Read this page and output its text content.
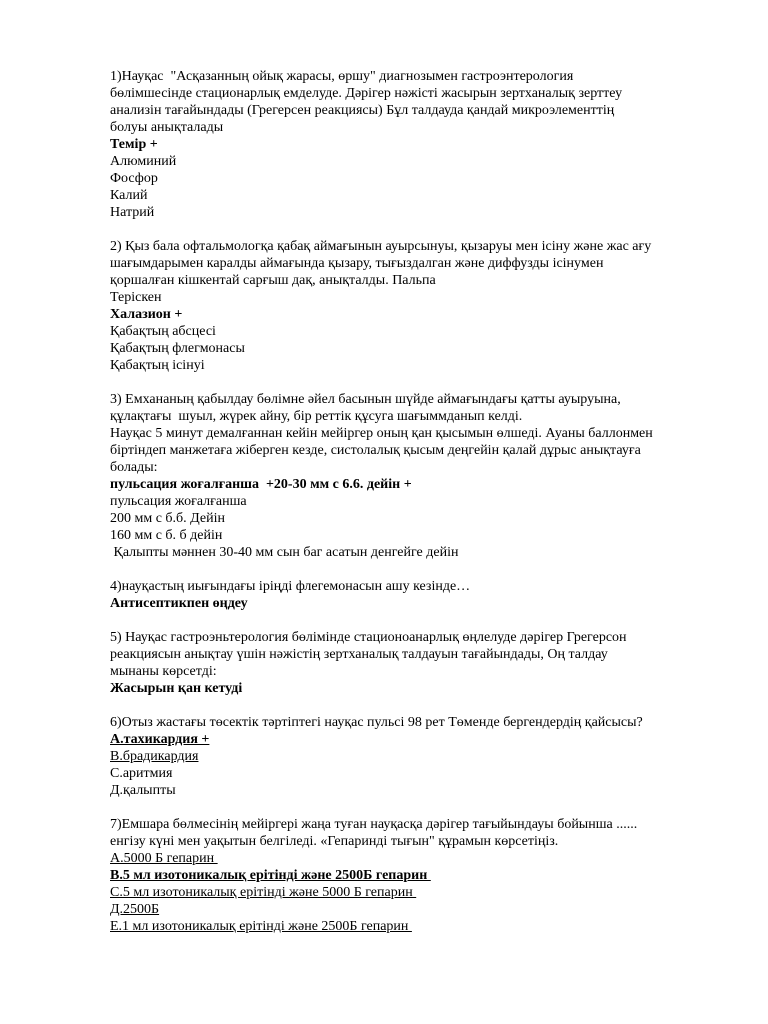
1)Науқас  "Асқазанның ойық жарасы, өршу" диагнозымен гастроэнтерология
бөлімшесінде стационарлық емделуде. Дәрігер нәжісті жасырын зертханалық зерттеу
анализін тағайындады (Грегерсен реакциясы) Бұл талдауда қандай микроэлементтің
болуы анықталады
Темір +
Алюминий
Фосфор
Калий
Натрий
2) Қыз бала офтальмологқа қабақ аймағынын ауырсынуы, қызаруы мен ісіну және жас ағу
шағымдарымен каралды аймағында қызару, тығыздалган және диффузды ісінумен
қоршалған кішкентай сарғыш дақ, анықталды. Пальпа
Теріскен
Халазион +
Қабақтың абсцесі
Қабақтың флегмонасы
Қабақтың ісінуі
3) Емхананың қабылдау бөлімне әйел басынын шүйде аймағындағы қатты ауыруына,
құлақтағы  шуыл, жүрек айну, бір реттік құсуга шағыммданып келді.
Науқас 5 минут демалғаннан кейін мейіргер оның қан қысымын өлшеді. Ауаны баллонмен
біртіндеп манжетаға жіберген кезде, систолалық қысым деңгейін қалай дұрыс анықтауға
болады:
пульсация жоғалғанша  +20-30 мм с 6.6. дейін +
пульсация жоғалғанша
200 мм с б.б. Дейін
160 мм с б. б дейін
Қалыпты мәннен 30-40 мм сын баг асатын денгейге дейін
4)науқастың иығындағы іріңді флегемонасын ашу кезінде…
Антисептикпен өңдеу
5) Науқас гастроэньтерология бөлімінде стационоанарлық өңлелуде дәрігер Грегерсон
реакциясын анықтау үшін нәжістің зертханалық талдауын тағайындады, Оң талдау
мынаны көрсетді:
Жасырын қан кетуді
6)Отыз жастағы төсектік тәртіптегі науқас пульсі 98 рет Төменде бергендердің қайсысы?
А.тахикардия +
В.брадикардия
С.аритмия
Д.қалыпты
7)Емшара бөлмесінің мейіргері жаңа туған науқасқа дәрігер тағыйындауы бойынша ......
енгізу күні мен уақытын белгіледі. «Гепаринді тығын" құрамын көрсетіңіз.
А.5000 Б гепарин
В.5 мл изотоникалық ерітінді және 2500Б гепарин
С.5 мл изотоникалық ерітінді және 5000 Б гепарин
Д.2500Б
Е.1 мл изотоникалық ерітінді және 2500Б гепарин
